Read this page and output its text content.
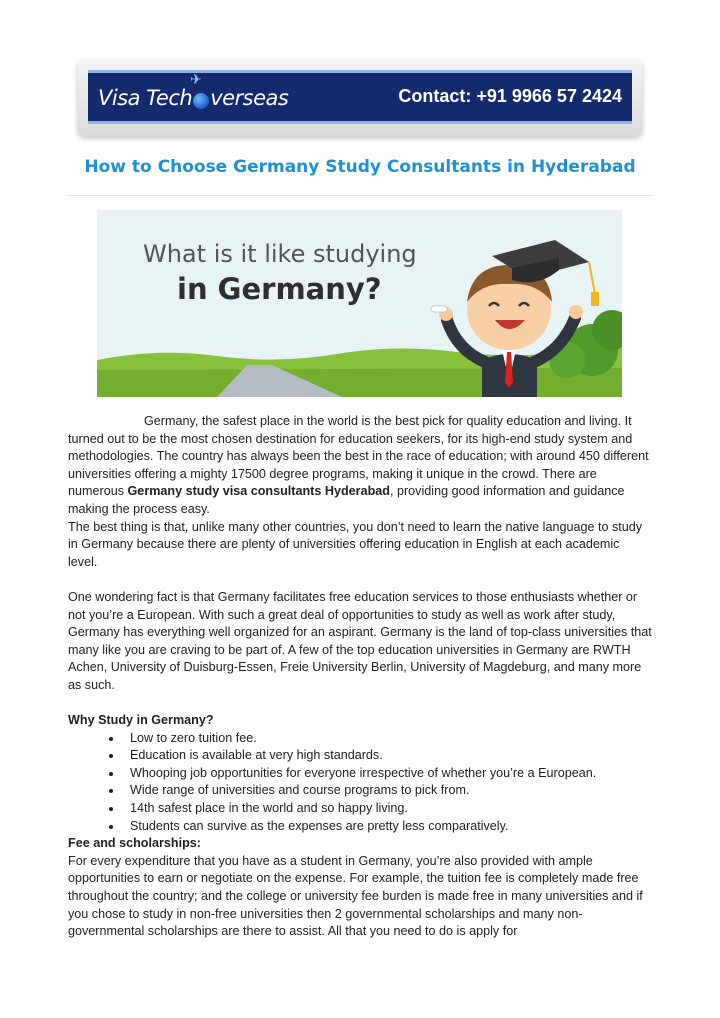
Visa Tech verseas
✈
Contact: +91 9966 57 2424
How to Choose Germany Study Consultants in Hyderabad
What is it like studying
in Germany?

Germany, the safest place in the world is the best pick for quality education and living. It turned out to be the most chosen destination for education seekers, for its high-end study system and methodologies. The country has always been the best in the race of education; with around 450 different universities offering a mighty 17500 degree programs, making it unique in the crowd. There are numerous Germany study visa consultants Hyderabad, providing good information and guidance making the process easy.

The best thing is that, unlike many other countries, you don’t need to learn the native language to study in Germany because there are plenty of universities offering education in English at each academic level.

One wondering fact is that Germany facilitates free education services to those enthusiasts whether or not you’re a European. With such a great deal of opportunities to study as well as work after study, Germany has everything well organized for an aspirant. Germany is the land of top-class universities that many like you are craving to be part of. A few of the top education universities in Germany are RWTH Achen, University of Duisburg-Essen, Freie University Berlin, University of Magdeburg, and many more as such.

Why Study in Germany?

Low to zero tuition fee.
Education is available at very high standards.
Whooping job opportunities for everyone irrespective of whether you’re a European.
Wide range of universities and course programs to pick from.
14th safest place in the world and so happy living.
Students can survive as the expenses are pretty less comparatively.

Fee and scholarships:

For every expenditure that you have as a student in Germany, you’re also provided with ample opportunities to earn or negotiate on the expense. For example, the tuition fee is completely made free throughout the country; and the college or university fee burden is made free in many universities and if you chose to study in non-free universities then 2 governmental scholarships and many non-governmental scholarships are there to assist. All that you need to do is apply for
